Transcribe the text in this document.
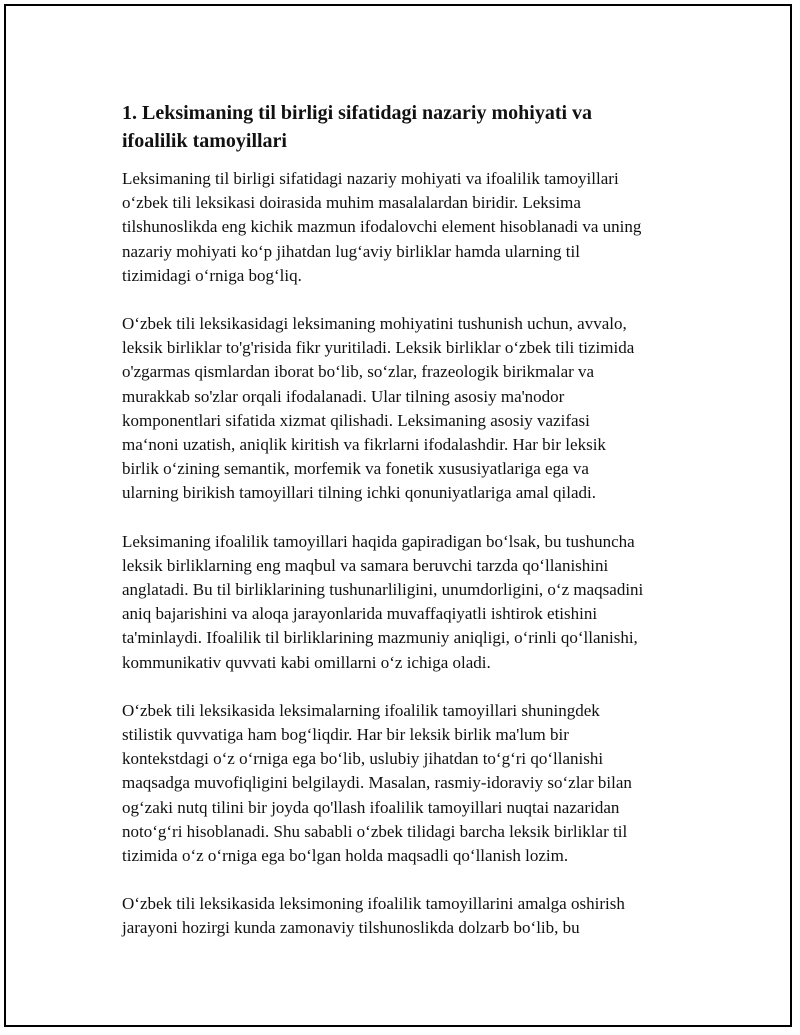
1. Leksimaning til birligi sifatidagi nazariy mohiyati va
ifoalilik tamoyillari

Leksimaning til birligi sifatidagi nazariy mohiyati va ifoalilik tamoyillari
o‘zbek tili leksikasi doirasida muhim masalalardan biridir. Leksima
tilshunoslikda eng kichik mazmun ifodalovchi element hisoblanadi va uning
nazariy mohiyati ko‘p jihatdan lug‘aviy birliklar hamda ularning til
tizimidagi o‘rniga bog‘liq.

O‘zbek tili leksikasidagi leksimaning mohiyatini tushunish uchun, avvalo,
leksik birliklar to'g'risida fikr yuritiladi. Leksik birliklar o‘zbek tili tizimida
o'zgarmas qismlardan iborat bo‘lib, so‘zlar, frazeologik birikmalar va
murakkab so'zlar orqali ifodalanadi. Ular tilning asosiy ma'nodor
komponentlari sifatida xizmat qilishadi. Leksimaning asosiy vazifasi
ma‘noni uzatish, aniqlik kiritish va fikrlarni ifodalashdir. Har bir leksik
birlik o‘zining semantik, morfemik va fonetik xususiyatlariga ega va
ularning birikish tamoyillari tilning ichki qonuniyatlariga amal qiladi.

Leksimaning ifoalilik tamoyillari haqida gapiradigan bo‘lsak, bu tushuncha
leksik birliklarning eng maqbul va samara beruvchi tarzda qo‘llanishini
anglatadi. Bu til birliklarining tushunarliligini, unumdorligini, o‘z maqsadini
aniq bajarishini va aloqa jarayonlarida muvaffaqiyatli ishtirok etishini
ta'minlaydi. Ifoalilik til birliklarining mazmuniy aniqligi, o‘rinli qo‘llanishi,
kommunikativ quvvati kabi omillarni o‘z ichiga oladi.

O‘zbek tili leksikasida leksimalarning ifoalilik tamoyillari shuningdek
stilistik quvvatiga ham bog‘liqdir. Har bir leksik birlik ma'lum bir
kontekstdagi o‘z o‘rniga ega bo‘lib, uslubiy jihatdan to‘g‘ri qo‘llanishi
maqsadga muvofiqligini belgilaydi. Masalan, rasmiy-idoraviy so‘zlar bilan
og‘zaki nutq tilini bir joyda qo'llash ifoalilik tamoyillari nuqtai nazaridan
noto‘g‘ri hisoblanadi. Shu sababli o‘zbek tilidagi barcha leksik birliklar til
tizimida o‘z o‘rniga ega bo‘lgan holda maqsadli qo‘llanish lozim.

O‘zbek tili leksikasida leksimoning ifoalilik tamoyillarini amalga oshirish
jarayoni hozirgi kunda zamonaviy tilshunoslikda dolzarb bo‘lib, bu
